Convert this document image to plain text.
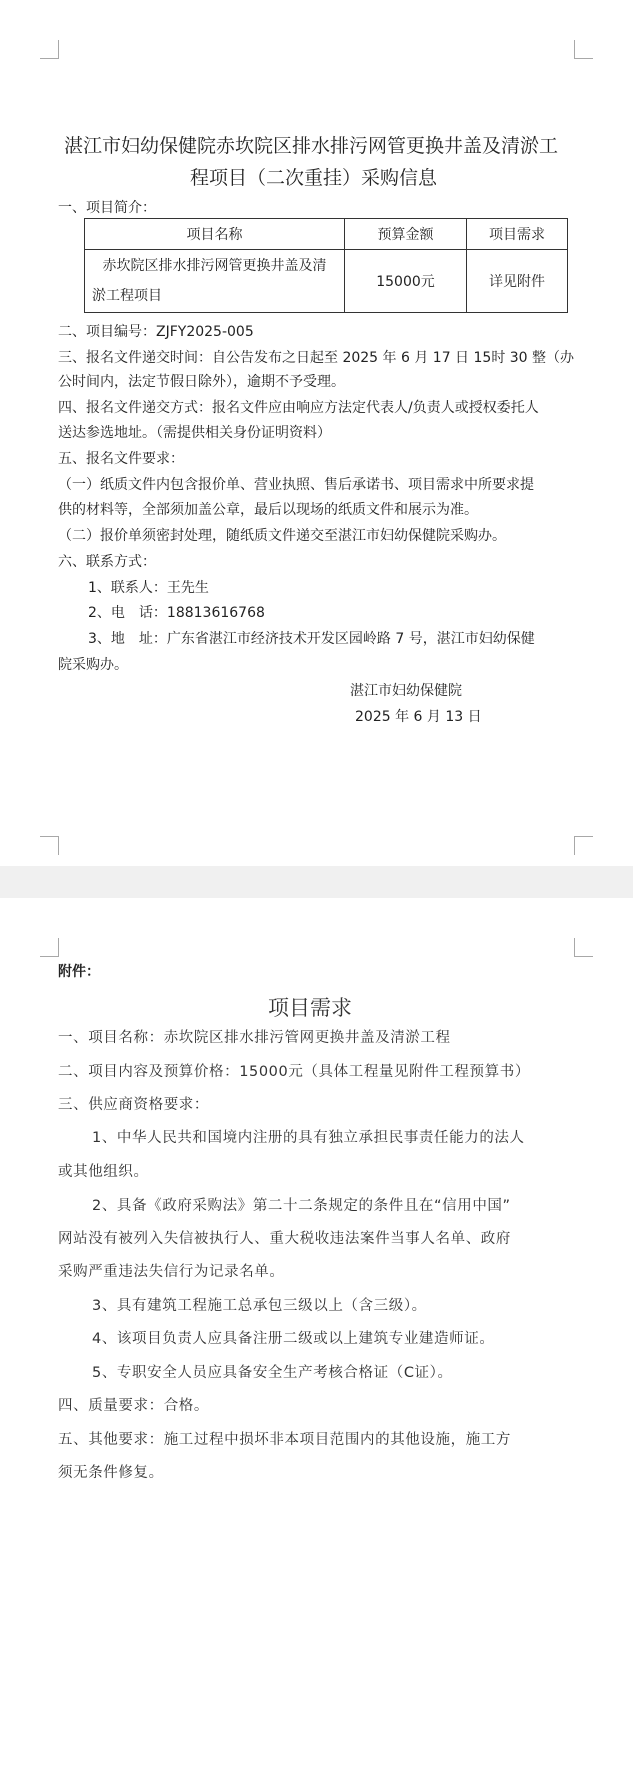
湛江市妇幼保健院赤坎院区排水排污网管更换井盖及清淤工
程项目（二次重挂）采购信息
一、项目简介：
项目名称	预算金额	项目需求

赤坎院区排水排污网管更换井盖及清
淤工程项目	15000元	详见附件
二、项目编号：ZJFY2025-005
三、报名文件递交时间：自公告发布之日起至 2025 年 6 月 17 日 15时 30 整（办
公时间内，法定节假日除外），逾期不予受理。
四、报名文件递交方式：报名文件应由响应方法定代表人/负责人或授权委托人
送达参选地址。（需提供相关身份证明资料）
五、报名文件要求：
（一）纸质文件内包含报价单、营业执照、售后承诺书、项目需求中所要求提
供的材料等，全部须加盖公章，最后以现场的纸质文件和展示为准。
（二）报价单须密封处理，随纸质文件递交至湛江市妇幼保健院采购办。
六、联系方式：
1、联系人：王先生
2、电　话：18813616768
3、地　址：广东省湛江市经济技术开发区园岭路 7 号，湛江市妇幼保健
院采购办。
湛江市妇幼保健院
2025 年 6 月 13 日
附件：
项目需求
一、项目名称：赤坎院区排水排污管网更换井盖及清淤工程
二、项目内容及预算价格：15000元（具体工程量见附件工程预算书）
三、供应商资格要求：
1、中华人民共和国境内注册的具有独立承担民事责任能力的法人
或其他组织。
2、具备《政府采购法》第二十二条规定的条件且在“信用中国”
网站没有被列入失信被执行人、重大税收违法案件当事人名单、政府
采购严重违法失信行为记录名单。
3、具有建筑工程施工总承包三级以上（含三级）。
4、该项目负责人应具备注册二级或以上建筑专业建造师证。
5、专职安全人员应具备安全生产考核合格证（C证）。
四、质量要求：合格。
五、其他要求：施工过程中损坏非本项目范围内的其他设施，施工方
须无条件修复。
